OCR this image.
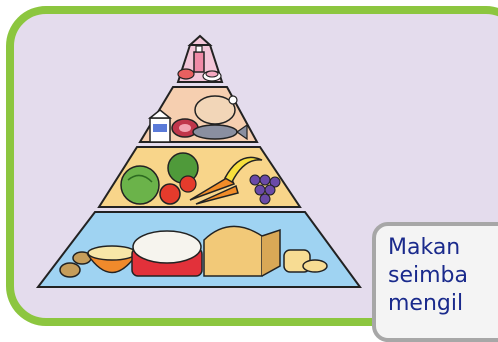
Makan
seimba
mengil
